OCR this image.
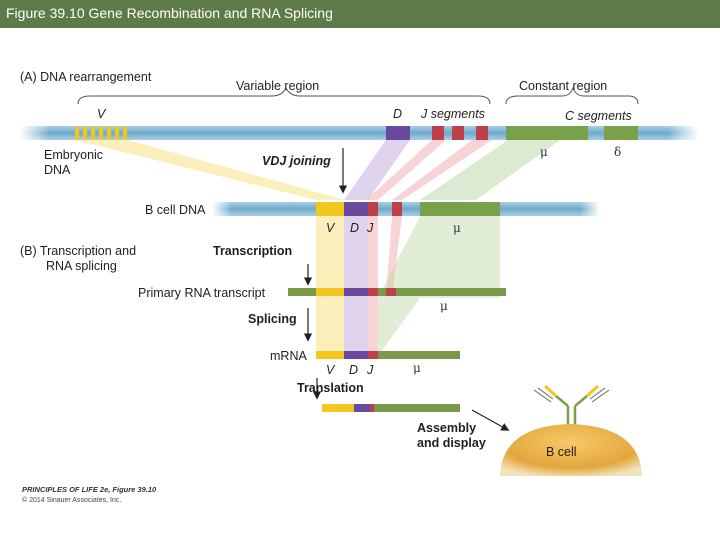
Figure 39.10 Gene Recombination and RNA Splicing
(A) DNA rearrangement
Variable region	Constant region
V	D J segments	C segments
μ	δ
Embryonic
DNA
VDJ joining
B cell DNA
V D J	μ
(B) Transcription and
RNA splicing
Transcription
Primary RNA transcript
μ
Splicing
mRNA
V D J	μ
Translation
Assembly
and display
B cell
PRINCIPLES OF LIFE 2e, Figure 39.10
© 2014 Sinauer Associates, Inc.
